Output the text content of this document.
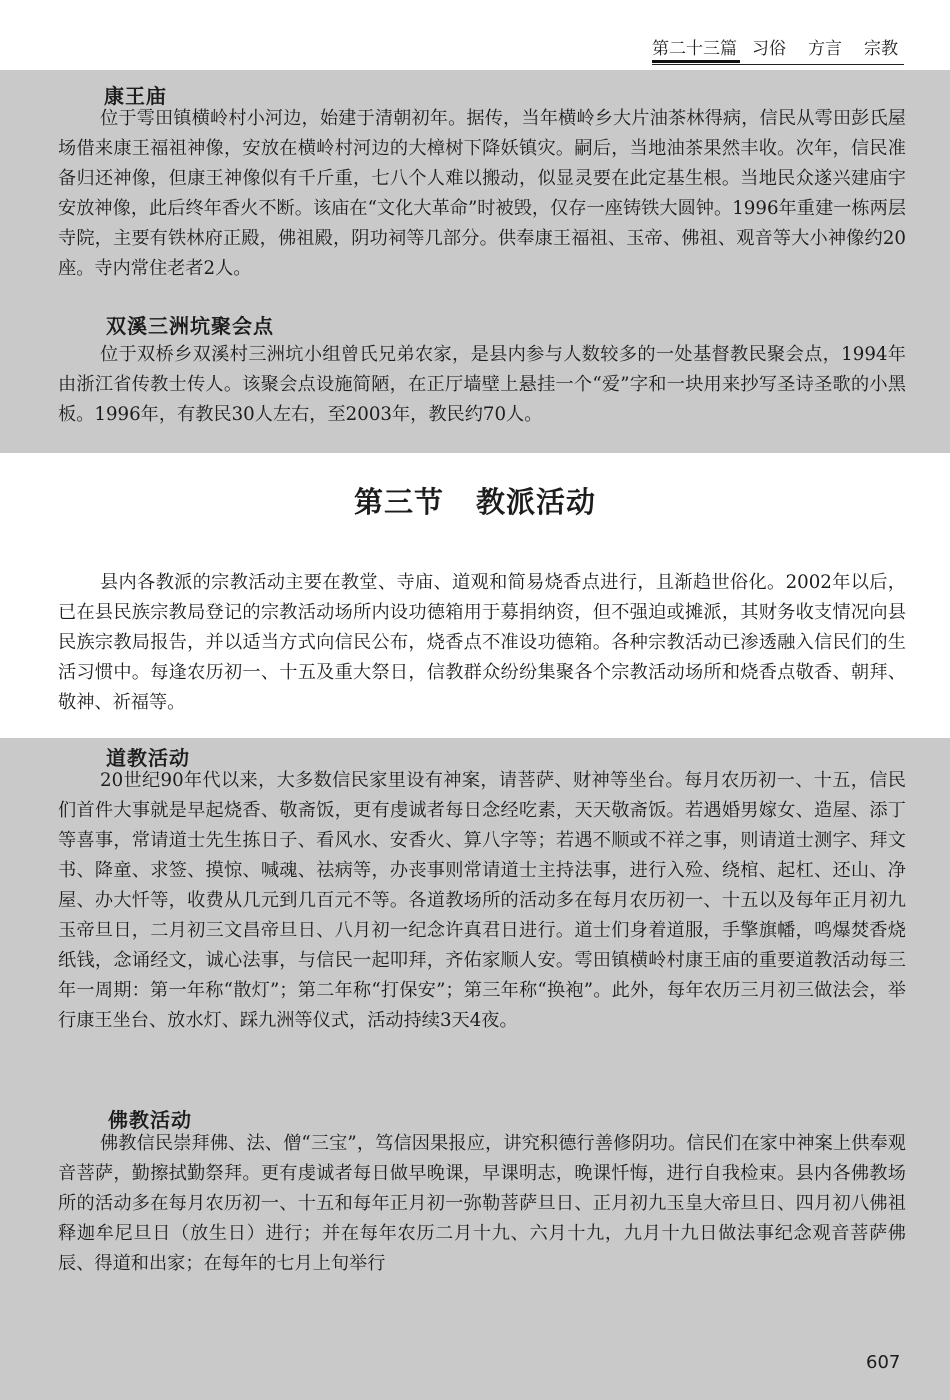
第二十三篇 习俗 方言 宗教
康王庙

位于雩田镇横岭村小河边，始建于清朝初年。据传，当年横岭乡大片油茶林得病，信民从雩田彭氏屋场借来康王福祖神像，安放在横岭村河边的大樟树下降妖镇灾。嗣后，当地油茶果然丰收。次年，信民准备归还神像，但康王神像似有千斤重，七八个人难以搬动，似显灵要在此定基生根。当地民众遂兴建庙宇安放神像，此后终年香火不断。该庙在“文化大革命”时被毁，仅存一座铸铁大圆钟。1996年重建一栋两层寺院，主要有铁林府正殿，佛祖殿，阴功祠等几部分。供奉康王福祖、玉帝、佛祖、观音等大小神像约20座。寺内常住老者2人。

双溪三洲坑聚会点

位于双桥乡双溪村三洲坑小组曾氏兄弟农家，是县内参与人数较多的一处基督教民聚会点，1994年由浙江省传教士传人。该聚会点设施简陋，在正厅墙壁上悬挂一个“爱”字和一块用来抄写圣诗圣歌的小黑板。1996年，有教民30人左右，至2003年，教民约70人。

第三节 教派活动

县内各教派的宗教活动主要在教堂、寺庙、道观和简易烧香点进行，且渐趋世俗化。2002年以后，已在县民族宗教局登记的宗教活动场所内设功德箱用于募捐纳资，但不强迫或摊派，其财务收支情况向县民族宗教局报告，并以适当方式向信民公布，烧香点不准设功德箱。各种宗教活动已渗透融入信民们的生活习惯中。每逢农历初一、十五及重大祭日，信教群众纷纷集聚各个宗教活动场所和烧香点敬香、朝拜、敬神、祈福等。

道教活动

20世纪90年代以来，大多数信民家里设有神案，请菩萨、财神等坐台。每月农历初一、十五，信民们首件大事就是早起烧香、敬斋饭，更有虔诚者每日念经吃素，天天敬斋饭。若遇婚男嫁女、造屋、添丁等喜事，常请道士先生拣日子、看风水、安香火、算八字等；若遇不顺或不祥之事，则请道士测字、拜文书、降童、求签、摸惊、喊魂、祛病等，办丧事则常请道士主持法事，进行入殓、绕棺、起杠、还山、净屋、办大忏等，收费从几元到几百元不等。各道教场所的活动多在每月农历初一、十五以及每年正月初九玉帝旦日，二月初三文昌帝旦日、八月初一纪念许真君日进行。道士们身着道服，手擎旗幡，鸣爆焚香烧纸钱，念诵经文，诚心法事，与信民一起叩拜，齐佑家顺人安。雩田镇横岭村康王庙的重要道教活动每三年一周期：第一年称“散灯”；第二年称“打保安”；第三年称“换袍”。此外，每年农历三月初三做法会，举行康王坐台、放水灯、踩九洲等仪式，活动持续3天4夜。

佛教活动

佛教信民崇拜佛、法、僧“三宝”，笃信因果报应，讲究积德行善修阴功。信民们在家中神案上供奉观音菩萨，勤擦拭勤祭拜。更有虔诚者每日做早晚课，早课明志，晚课忏悔，进行自我检束。县内各佛教场所的活动多在每月农历初一、十五和每年正月初一弥勒菩萨旦日、正月初九玉皇大帝旦日、四月初八佛祖释迦牟尼旦日（放生日）进行；并在每年农历二月十九、六月十九，九月十九日做法事纪念观音菩萨佛辰、得道和出家；在每年的七月上旬举行

607
